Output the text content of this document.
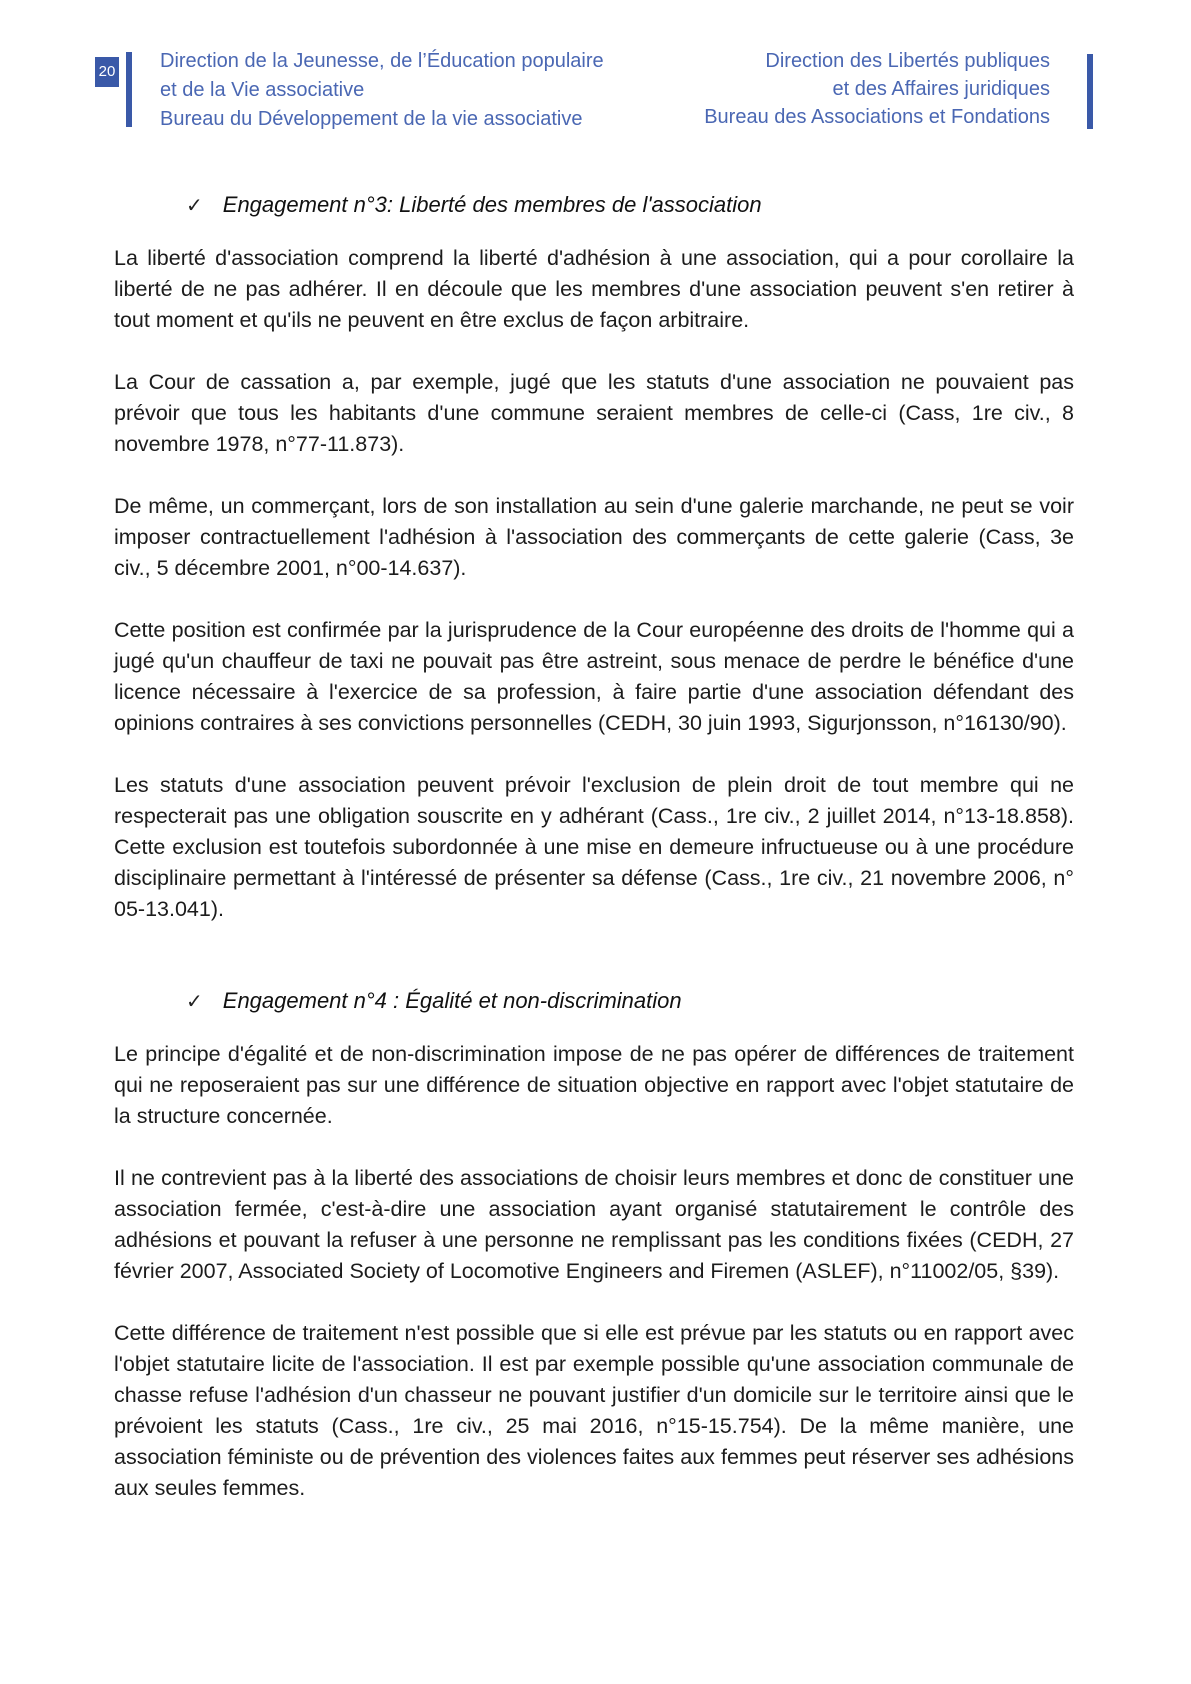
20 Direction de la Jeunesse, de l’Éducation populaire
et de la Vie associative
Bureau du Développement de la vie associative
Direction des Libertés publiques
et des Affaires juridiques
Bureau des Associations et Fondations
✓ Engagement n°3: Liberté des membres de l'association

La liberté d'association comprend la liberté d'adhésion à une association, qui a pour corollaire la liberté de ne pas adhérer. Il en découle que les membres d'une association peuvent s'en retirer à tout moment et qu'ils ne peuvent en être exclus de façon arbitraire.

La Cour de cassation a, par exemple, jugé que les statuts d'une association ne pouvaient pas prévoir que tous les habitants d'une commune seraient membres de celle-ci (Cass, 1re civ., 8 novembre 1978, n°77-11.873).

De même, un commerçant, lors de son installation au sein d'une galerie marchande, ne peut se voir imposer contractuellement l'adhésion à l'association des commerçants de cette galerie (Cass, 3e civ., 5 décembre 2001, n°00-14.637).

Cette position est confirmée par la jurisprudence de la Cour européenne des droits de l'homme qui a jugé qu'un chauffeur de taxi ne pouvait pas être astreint, sous menace de perdre le bénéfice d'une licence nécessaire à l'exercice de sa profession, à faire partie d'une association défendant des opinions contraires à ses convictions personnelles (CEDH, 30 juin 1993, Sigurjonsson, n°16130/90).

Les statuts d'une association peuvent prévoir l'exclusion de plein droit de tout membre qui ne respecterait pas une obligation souscrite en y adhérant (Cass., 1re civ., 2 juillet 2014, n°13-18.858). Cette exclusion est toutefois subordonnée à une mise en demeure infructueuse ou à une procédure disciplinaire permettant à l'intéressé de présenter sa défense (Cass., 1re civ., 21 novembre 2006, n° 05-13.041).

✓ Engagement n°4 : Égalité et non-discrimination

Le principe d'égalité et de non-discrimination impose de ne pas opérer de différences de traitement qui ne reposeraient pas sur une différence de situation objective en rapport avec l'objet statutaire de la structure concernée.

Il ne contrevient pas à la liberté des associations de choisir leurs membres et donc de constituer une association fermée, c'est-à-dire une association ayant organisé statutairement le contrôle des adhésions et pouvant la refuser à une personne ne remplissant pas les conditions fixées (CEDH, 27 février 2007, Associated Society of Locomotive Engineers and Firemen (ASLEF), n°11002/05, §39).

Cette différence de traitement n'est possible que si elle est prévue par les statuts ou en rapport avec l'objet statutaire licite de l'association. Il est par exemple possible qu'une association communale de chasse refuse l'adhésion d'un chasseur ne pouvant justifier d'un domicile sur le territoire ainsi que le prévoient les statuts (Cass., 1re civ., 25 mai 2016, n°15-15.754). De la même manière, une association féministe ou de prévention des violences faites aux femmes peut réserver ses adhésions aux seules femmes.
